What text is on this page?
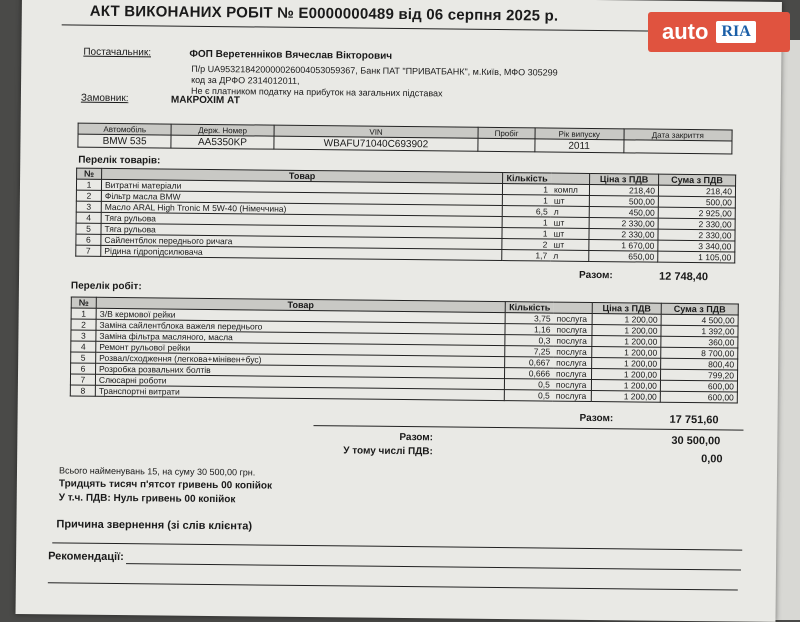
АКТ ВИКОНАНИХ РОБІТ № E0000000489 від 06 серпня 2025 р.
Постачальник:	ФОП Веретенніков Вячеслав Вікторович
П/р UA953218420000026004053059367, Банк ПАТ "ПРИВАТБАНК", м.Київ, МФО 305299
код за ДРФО 2314012011,
Не є платником податку на прибуток на загальних підставах
Замовник:	МАКРОХІМ АТ
Автомобіль	Держ. Номер	VIN	Пробіг	Рік випуску	Дата закриття
BMW 535	AA5350KP	WBAFU71040C693902		2011	
Перелік товарів:
№	Товар	Кількість		Ціна з ПДВ	Сума з ПДВ
1	Витратні матеріали	1	компл	218,40	218,40
2	Фільтр масла BMW	1	шт	500,00	500,00
3	Масло ARAL High Tronic M 5W-40 (Німеччина)	6,5	л	450,00	2 925,00
4	Тяга рульова	1	шт	2 330,00	2 330,00
5	Тяга рульова	1	шт	2 330,00	2 330,00
6	Сайлентблок переднього ричага	2	шт	1 670,00	3 340,00
7	Рідина гідропідсилювача	1,7	л	650,00	1 105,00
Разом:	12 748,40
Перелік робіт:
№	Товар	Кількість		Ціна з ПДВ	Сума з ПДВ
1	З/В кермової рейки	3,75	послуга	1 200,00	4 500,00
2	Заміна сайлентблока важеля переднього	1,16	послуга	1 200,00	1 392,00
3	Заміна фільтра масляного, масла	0,3	послуга	1 200,00	360,00
4	Ремонт рульової рейки	7,25	послуга	1 200,00	8 700,00
5	Розвал/сходження (легкова+мінівен+бус)	0,667	послуга	1 200,00	800,40
6	Розробка розвальних болтів	0,666	послуга	1 200,00	799,20
7	Слюсарні роботи	0,5	послуга	1 200,00	600,00
8	Транспортні витрати	0,5	послуга	1 200,00	600,00
Разом:	17 751,60
Разом:	30 500,00
У тому числі ПДВ:
0,00
Всього найменувань 15, на суму 30 500,00 грн.
Тридцять тисяч п'ятсот гривень 00 копійок
У т.ч. ПДВ: Нуль гривень 00 копійок
Причина звернення (зі слів клієнта)
Рекомендації:
auto RIA
